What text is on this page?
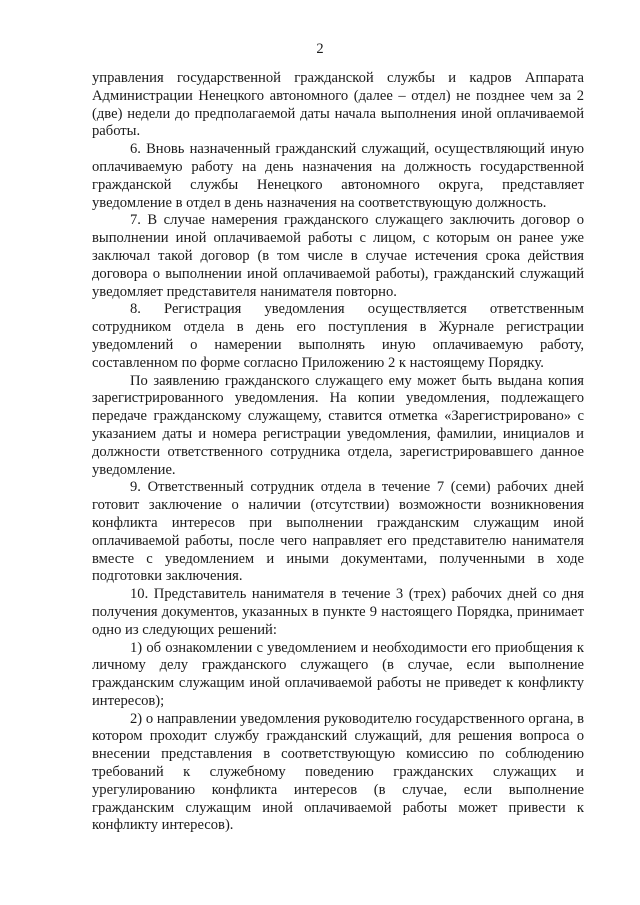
2

управления государственной гражданской службы и кадров Аппарата Администрации Ненецкого автономного (далее – отдел) не позднее чем за 2 (две) недели до предполагаемой даты начала выполнения иной оплачиваемой работы.

6. Вновь назначенный гражданский служащий, осуществляющий иную оплачиваемую работу на день назначения на должность государственной гражданской службы Ненецкого автономного округа, представляет уведомление в отдел в день назначения на соответствующую должность.

7. В случае намерения гражданского служащего заключить договор о выполнении иной оплачиваемой работы с лицом, с которым он ранее уже заключал такой договор (в том числе в случае истечения срока действия договора о выполнении иной оплачиваемой работы), гражданский служащий уведомляет представителя нанимателя повторно.

8. Регистрация уведомления осуществляется ответственным сотрудником отдела в день его поступления в Журнале регистрации уведомлений о намерении выполнять иную оплачиваемую работу, составленном по форме согласно Приложению 2 к настоящему Порядку.

По заявлению гражданского служащего ему может быть выдана копия зарегистрированного уведомления. На копии уведомления, подлежащего передаче гражданскому служащему, ставится отметка «Зарегистрировано» с указанием даты и номера регистрации уведомления, фамилии, инициалов и должности ответственного сотрудника отдела, зарегистрировавшего данное уведомление.

9. Ответственный сотрудник отдела в течение 7 (семи) рабочих дней готовит заключение о наличии (отсутствии) возможности возникновения конфликта интересов при выполнении гражданским служащим иной оплачиваемой работы, после чего направляет его представителю нанимателя вместе с уведомлением и иными документами, полученными в ходе подготовки заключения.

10. Представитель нанимателя в течение 3 (трех) рабочих дней со дня получения документов, указанных в пункте 9 настоящего Порядка, принимает одно из следующих решений:

1) об ознакомлении с уведомлением и необходимости его приобщения к личному делу гражданского служащего (в случае, если выполнение гражданским служащим иной оплачиваемой работы не приведет к конфликту интересов);

2) о направлении уведомления руководителю государственного органа, в котором проходит службу гражданский служащий, для решения вопроса о внесении представления в соответствующую комиссию по соблюдению требований к служебному поведению гражданских служащих и урегулированию конфликта интересов (в случае, если выполнение гражданским служащим иной оплачиваемой работы может привести к конфликту интересов).
